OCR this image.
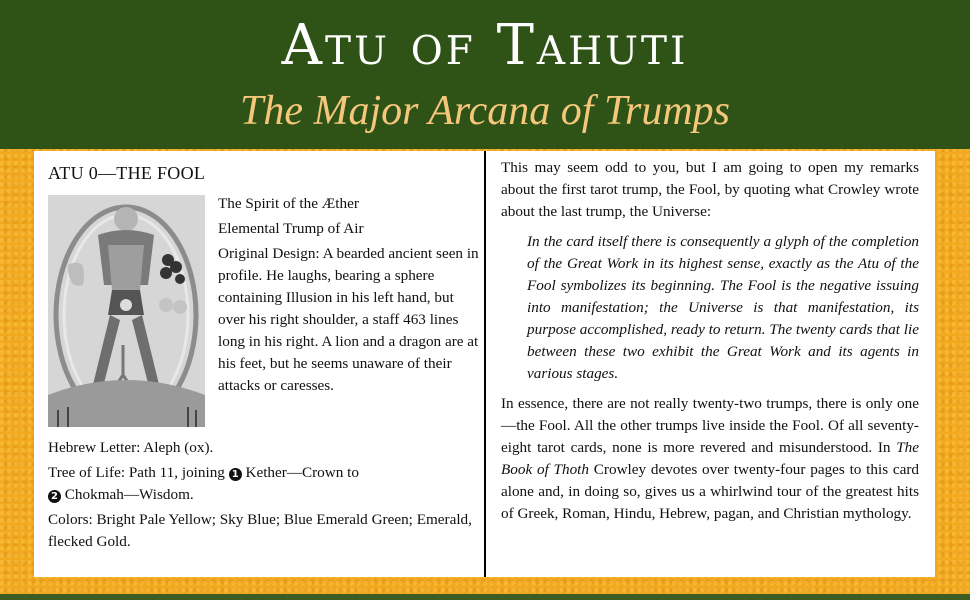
Atu of Tahuti
The Major Arcana of Trumps
ATU 0—THE FOOL

The Spirit of the Æther

Elemental Trump of Air

Original Design: A bearded ancient seen in profile. He laughs, bearing a sphere containing Illusion in his left hand, but over his right shoulder, a staff 463 lines long in his right. A lion and a dragon are at his feet, but he seems unaware of their attacks or caresses.

Hebrew Letter: Aleph (ox).

Tree of Life: Path 11, joining 1 Kether—Crown to
2 Chokmah—Wisdom.

Colors: Bright Pale Yellow; Sky Blue; Blue Emerald Green; Emerald, flecked Gold.

This may seem odd to you, but I am going to open my remarks about the first tarot trump, the Fool, by quoting what Crowley wrote about the last trump, the Universe:

In the card itself there is consequently a glyph of the completion of the Great Work in its highest sense, exactly as the Atu of the Fool symbolizes its beginning. The Fool is the negative issuing into manifestation; the Universe is that manifestation, its purpose accomplished, ready to return. The twenty cards that lie between these two exhibit the Great Work and its agents in various stages.

In essence, there are not really twenty-two trumps, there is only one—the Fool. All the other trumps live inside the Fool. Of all seventy-eight tarot cards, none is more revered and misunderstood. In The Book of Thoth Crowley devotes over twenty-four pages to this card alone and, in doing so, gives us a whirlwind tour of the greatest hits of Greek, Roman, Hindu, Hebrew, pagan, and Christian mythology.
